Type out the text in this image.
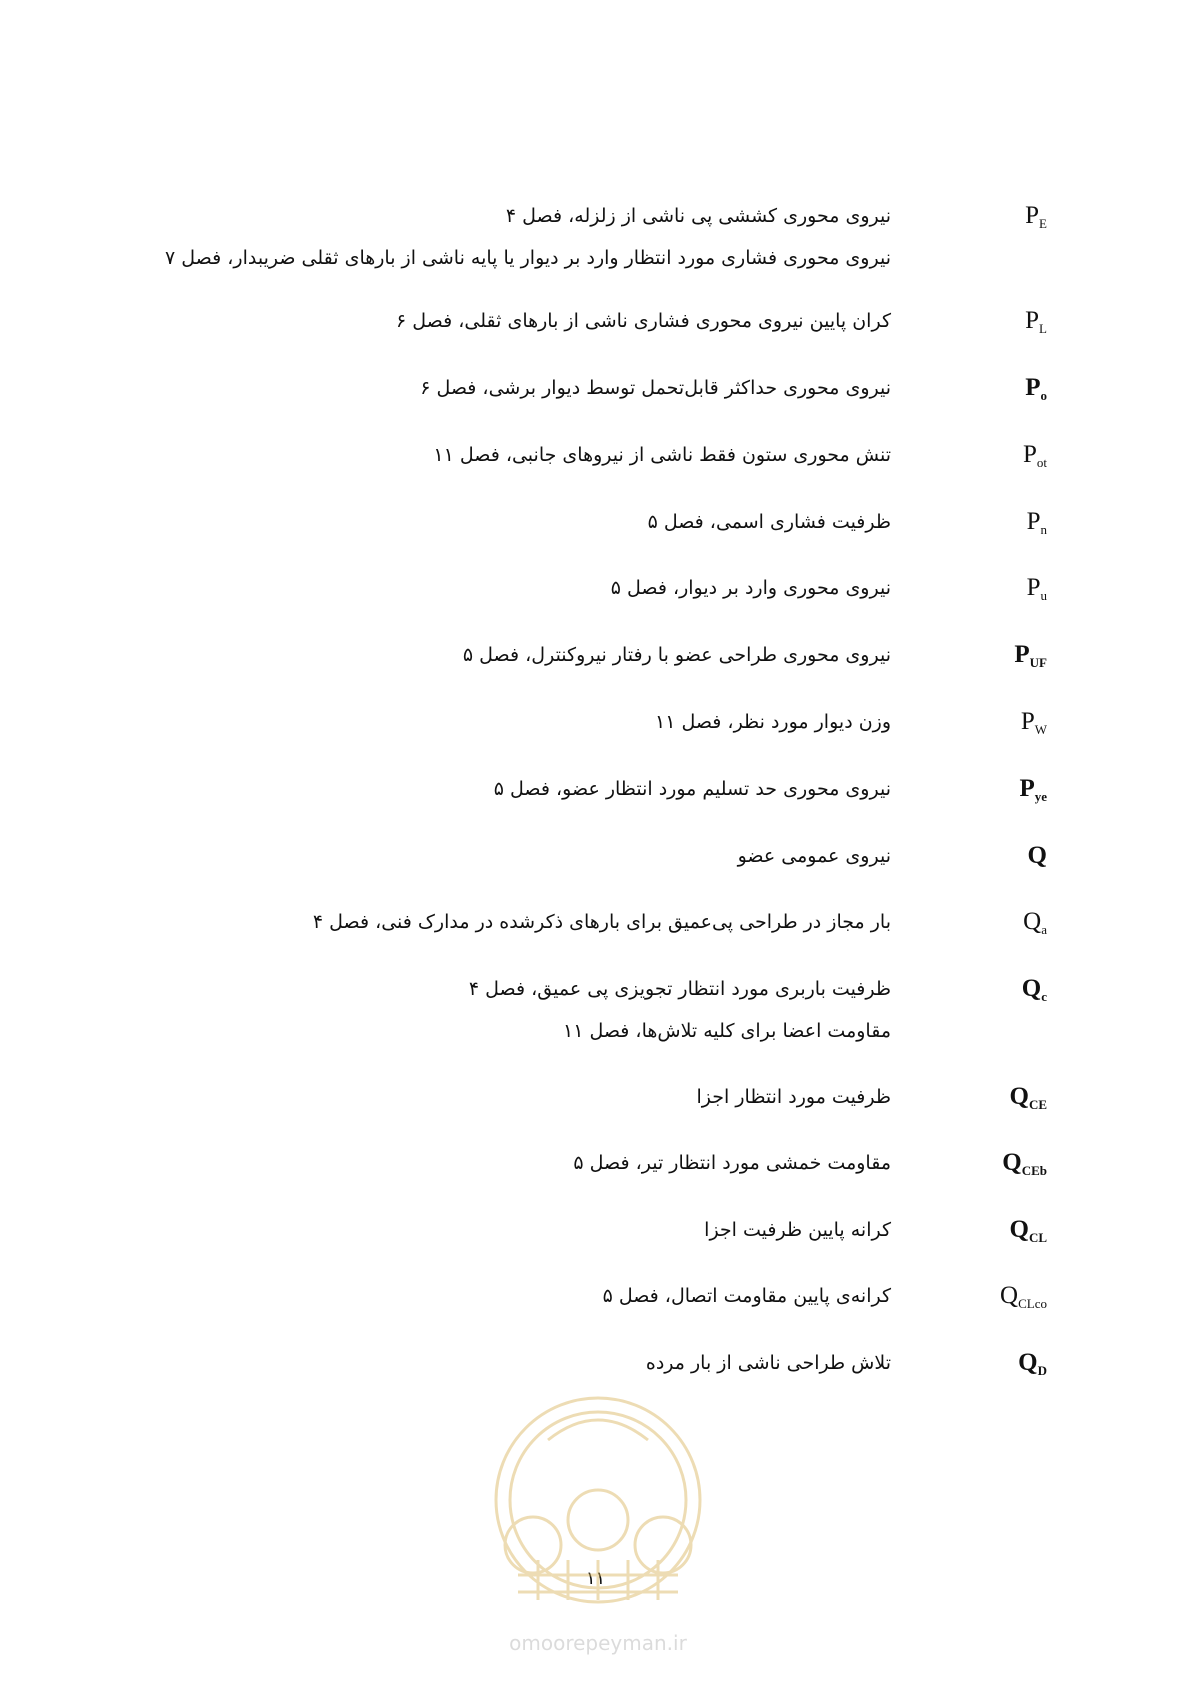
$P_E$
نیروی محوری کششی پی ناشی از زلزله، فصل ۴
نیروی محوری فشاری مورد انتظار وارد بر دیوار یا پایه ناشی از بارهای ثقلی ضریبدار، فصل ۷
$P_L$
کران پایین نیروی محوری فشاری ناشی از بارهای ثقلی، فصل ۶
$P_o$
نیروی محوری حداکثر قابل‌تحمل توسط دیوار برشی، فصل ۶
$P_{ot}$
تنش محوری ستون فقط ناشی از نیروهای جانبی، فصل ۱۱
$P_n$
ظرفیت فشاری اسمی، فصل ۵
$P_u$
نیروی محوری وارد بر دیوار، فصل ۵
$P_{UF}$
نیروی محوری طراحی عضو با رفتار نیروکنترل، فصل ۵
$P_W$
وزن دیوار مورد نظر، فصل ۱۱
$P_{ye}$
نیروی محوری حد تسلیم مورد انتظار عضو، فصل ۵
Q
نیروی عمومی عضو
$Q_a$
بار مجاز در طراحی پی‌عمیق برای بارهای ذکرشده در مدارک فنی، فصل ۴
$Q_c$
ظرفیت باربری مورد انتظار تجویزی پی عمیق، فصل ۴
مقاومت اعضا برای کلیه تلاش‌ها، فصل ۱۱
$Q_{CE}$
ظرفیت مورد انتظار اجزا
$Q_{CEb}$
مقاومت خمشی مورد انتظار تیر، فصل ۵
$Q_{CL}$
کرانه پایین ظرفیت اجزا
$Q_{CLco}$
کرانه‌ی پایین مقاومت اتصال، فصل ۵
$Q_D$
تلاش طراحی ناشی از بار مرده
۱۱
omoorepeyman.ir
